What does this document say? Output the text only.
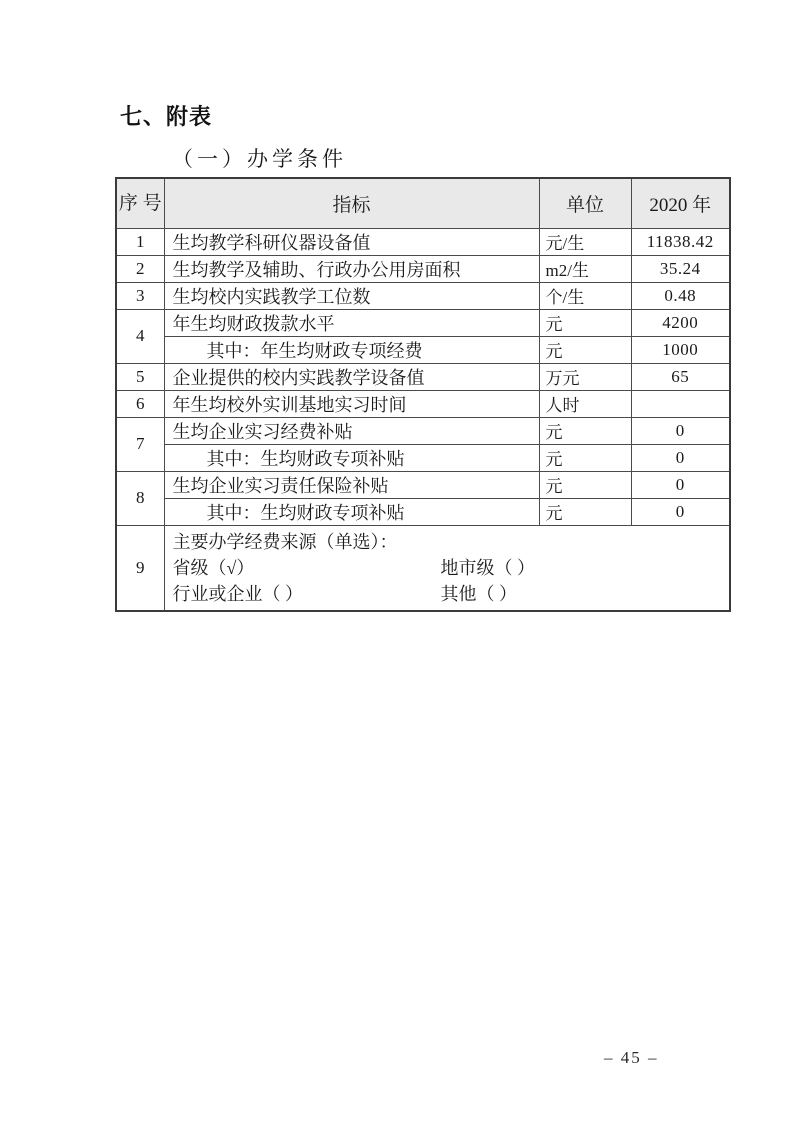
七、附表
（一）办学条件
序 号	指标	单位	2020 年
1	生均教学科研仪器设备值	元/生	11838.42
2	生均教学及辅助、行政办公用房面积	m2/生	35.24
3	生均校内实践教学工位数	个/生	0.48
4	年生均财政拨款水平	元	4200
	其中：年生均财政专项经费	元	1000
5	企业提供的校内实践教学设备值	万元	65
6	年生均校外实训基地实习时间	人时	
7	生均企业实习经费补贴	元	0
	其中：生均财政专项补贴	元	0
8	生均企业实习责任保险补贴	元	0
	其中：生均财政专项补贴	元	0
9	主要办学经费来源（单选）：
省级（√） 地市级（ ）
行业或企业（ ） 其他（ ）		
– 45 –
